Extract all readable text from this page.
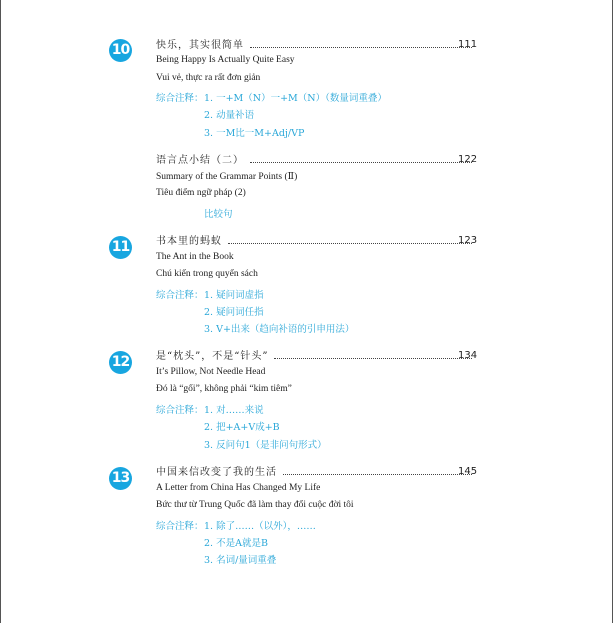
10	快乐，其实很简单	111
Being Happy Is Actually Quite Easy
Vui vẻ, thực ra rất đơn giản
综合注释： 1. 一+M（N）一+M（N）（数量词重叠）
2. 动量补语
3. 一M比一M+Adj/VP
语言点小结（二）	122
Summary of the Grammar Points (Ⅱ)
Tiêu điểm ngữ pháp (2)
比较句
11	书本里的蚂蚁	123
The Ant in the Book
Chú kiến trong quyển sách
综合注释： 1. 疑问词虚指
2. 疑问词任指
3. V+出来（趋向补语的引申用法）
12	是“枕头”，不是“针头”	134
It’s Pillow, Not Needle Head
Đó là “gối”, không phải “kim tiêm”
综合注释： 1. 对……来说
2. 把+A+V成+B
3. 反问句1（是非问句形式）
13	中国来信改变了我的生活	145
A Letter from China Has Changed My Life
Bức thư từ Trung Quốc đã làm thay đổi cuộc đời tôi
综合注释： 1. 除了……（以外），……
2. 不是A就是B
3. 名词/量词重叠
